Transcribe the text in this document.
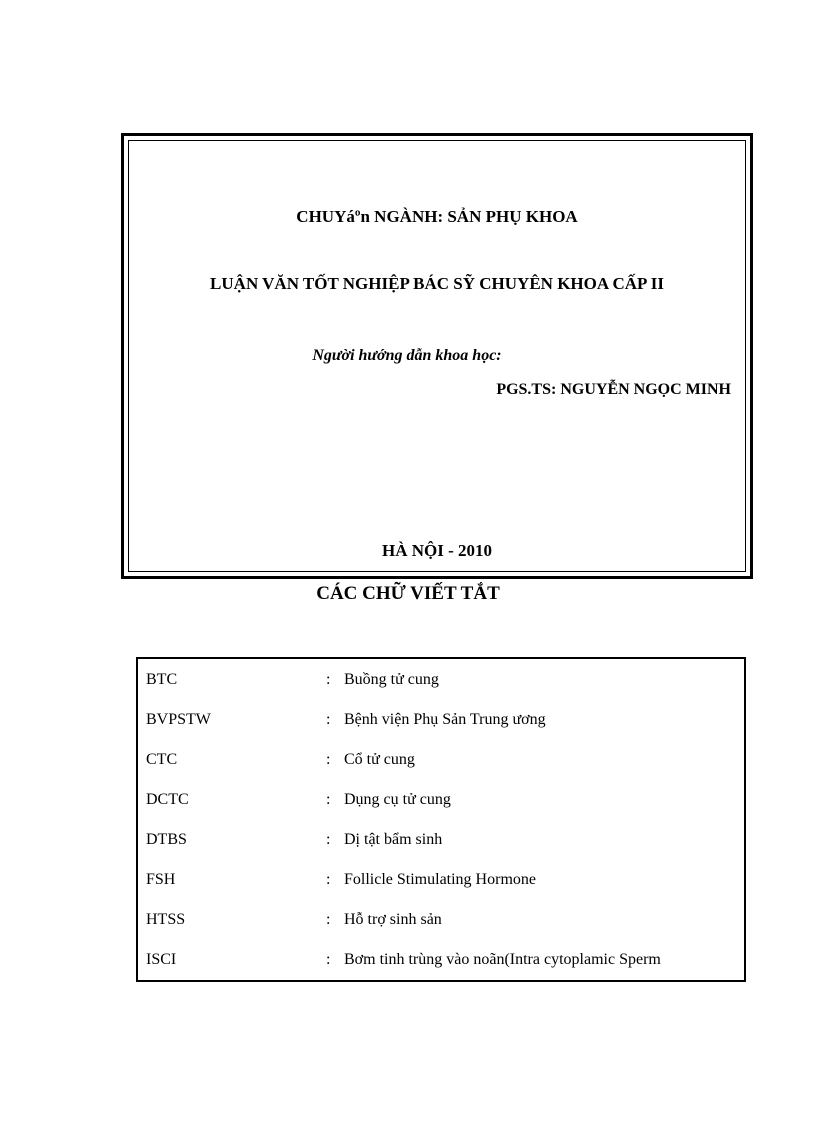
CHUYáºn NGÀNH: SẢN PHỤ KHOA
LUẬN VĂN TỐT NGHIỆP BÁC SỸ CHUYÊN KHOA CẤP II
Người hướng dẫn khoa học:
PGS.TS: NGUYỄN NGỌC MINH
HÀ NỘI - 2010
CÁC CHỮ VIẾT TẮT
BTC	: Buồng tử cung
BVPSTW	: Bệnh viện Phụ Sản Trung ương
CTC	: Cổ tử cung
DCTC	: Dụng cụ tử cung
DTBS	: Dị tật bẩm sinh
FSH	: Follicle Stimulating Hormone
HTSS	: Hỗ trợ sinh sản
ISCI	: Bơm tinh trùng vào noãn(Intra cytoplamic Sperm
